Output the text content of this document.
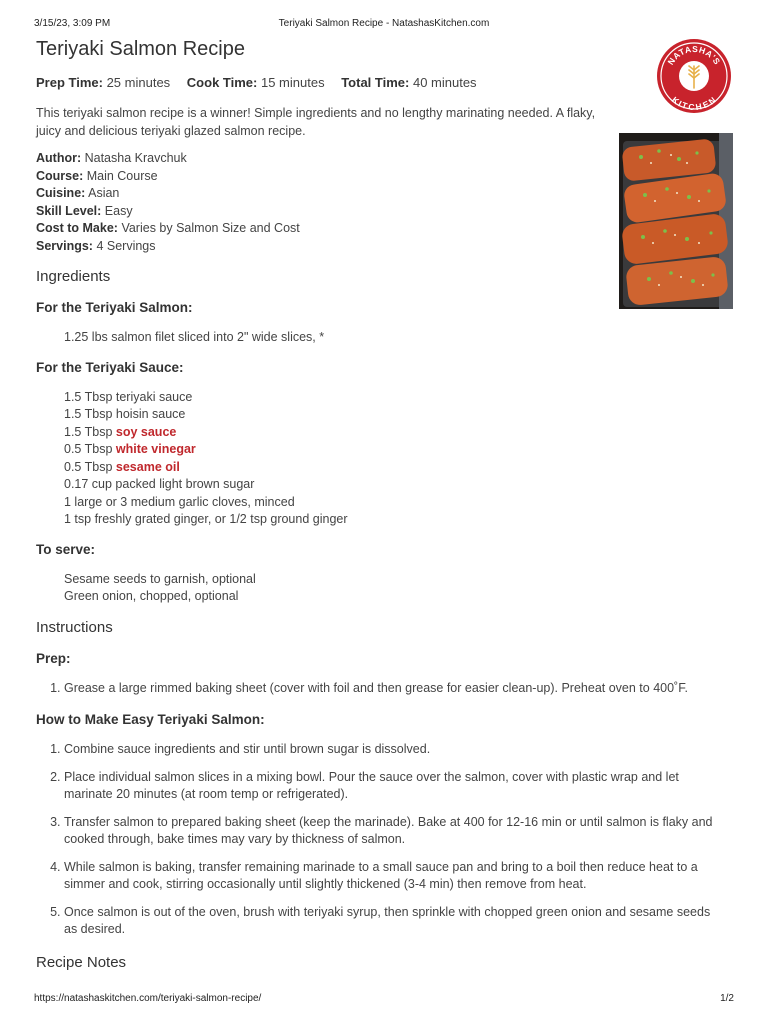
3/15/23, 3:09 PM	Teriyaki Salmon Recipe - NatashasKitchen.com
NATASHA'S
KITCHEN
Teriyaki Salmon Recipe
Prep Time: 25 minutes Cook Time: 15 minutes Total Time: 40 minutes

This teriyaki salmon recipe is a winner! Simple ingredients and no lengthy marinating needed. A flaky, juicy and delicious teriyaki glazed salmon recipe.

Author: Natasha Kravchuk
Course: Main Course
Cuisine: Asian
Skill Level: Easy
Cost to Make: Varies by Salmon Size and Cost
Servings: 4 Servings
Ingredients
For the Teriyaki Salmon:
1.25 lbs salmon filet sliced into 2" wide slices, *
For the Teriyaki Sauce:
1.5 Tbsp teriyaki sauce
1.5 Tbsp hoisin sauce
1.5 Tbsp soy sauce
0.5 Tbsp white vinegar
0.5 Tbsp sesame oil
0.17 cup packed light brown sugar
1 large or 3 medium garlic cloves, minced
1 tsp freshly grated ginger, or 1/2 tsp ground ginger
To serve:
Sesame seeds to garnish, optional
Green onion, chopped, optional
Instructions
Prep:
1. Grease a large rimmed baking sheet (cover with foil and then grease for easier clean-up). Preheat oven to 400˚F.
How to Make Easy Teriyaki Salmon:
1. Combine sauce ingredients and stir until brown sugar is dissolved.
2. Place individual salmon slices in a mixing bowl. Pour the sauce over the salmon, cover with plastic wrap and let marinate 20 minutes (at room temp or refrigerated).
3. Transfer salmon to prepared baking sheet (keep the marinade). Bake at 400 for 12-16 min or until salmon is flaky and cooked through, bake times may vary by thickness of salmon.
4. While salmon is baking, transfer remaining marinade to a small sauce pan and bring to a boil then reduce heat to a simmer and cook, stirring occasionally until slightly thickened (3-4 min) then remove from heat.
5. Once salmon is out of the oven, brush with teriyaki syrup, then sprinkle with chopped green onion and sesame seeds as desired.
Recipe Notes
https://natashaskitchen.com/teriyaki-salmon-recipe/	1/2
